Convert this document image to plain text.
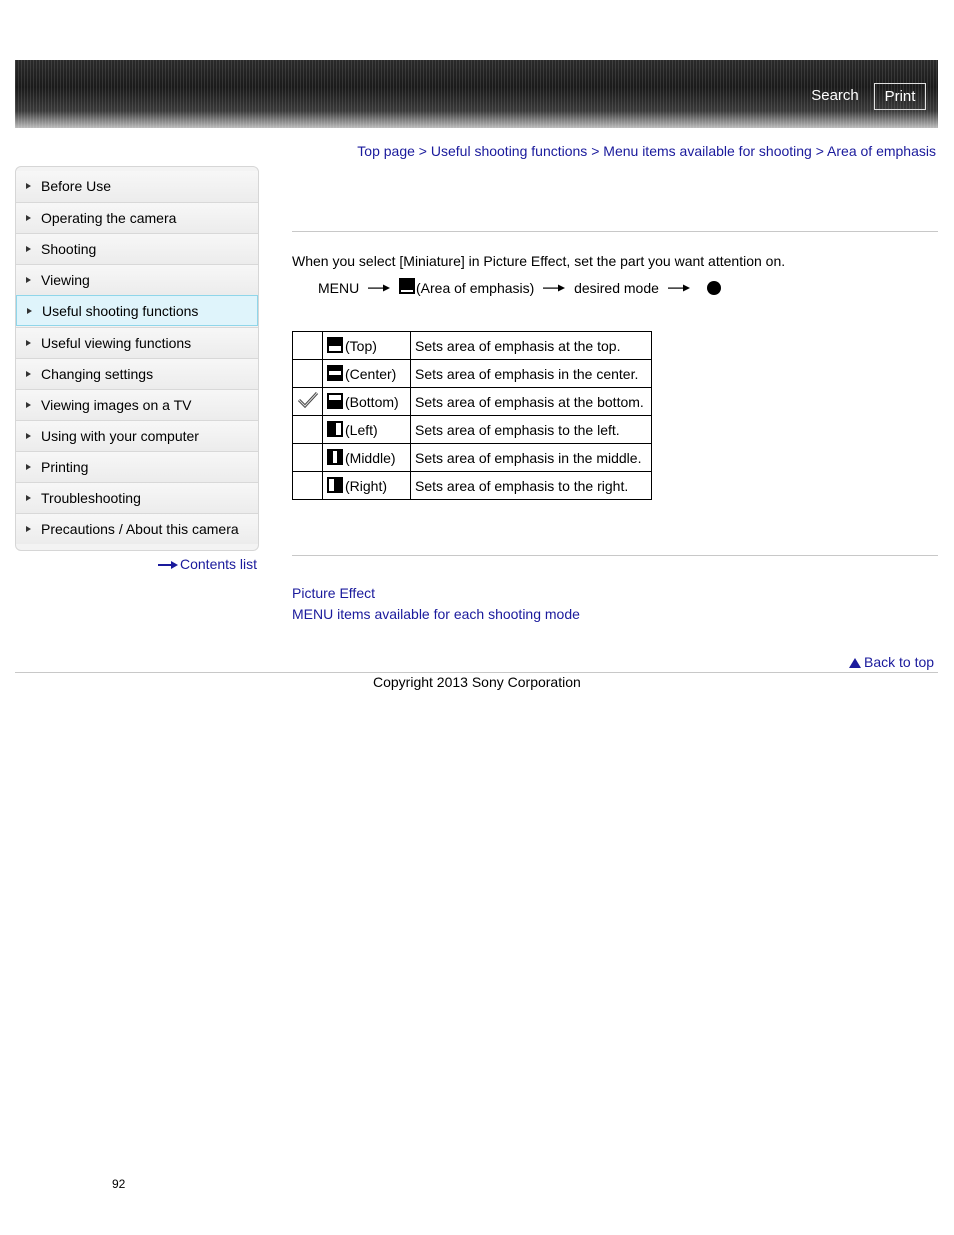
Search	Print
Top page > Useful shooting functions > Menu items available for shooting > Area of emphasis
Before Use
Operating the camera
Shooting
Viewing
Useful shooting functions
Useful viewing functions
Changing settings
Viewing images on a TV
Using with your computer
Printing
Troubleshooting
Precautions / About this camera
Contents list
When you select [Miniature] in Picture Effect, set the part you want attention on.
MENU	(Area of emphasis)	desired mode

(Top)	Sets area of emphasis at the top.

(Center)	Sets area of emphasis in the center.

(Bottom)	Sets area of emphasis at the bottom.

(Left)	Sets area of emphasis to the left.

(Middle)	Sets area of emphasis in the middle.

(Right)	Sets area of emphasis to the right.
Picture Effect
MENU items available for each shooting mode
Back to top
Copyright 2013 Sony Corporation
92
